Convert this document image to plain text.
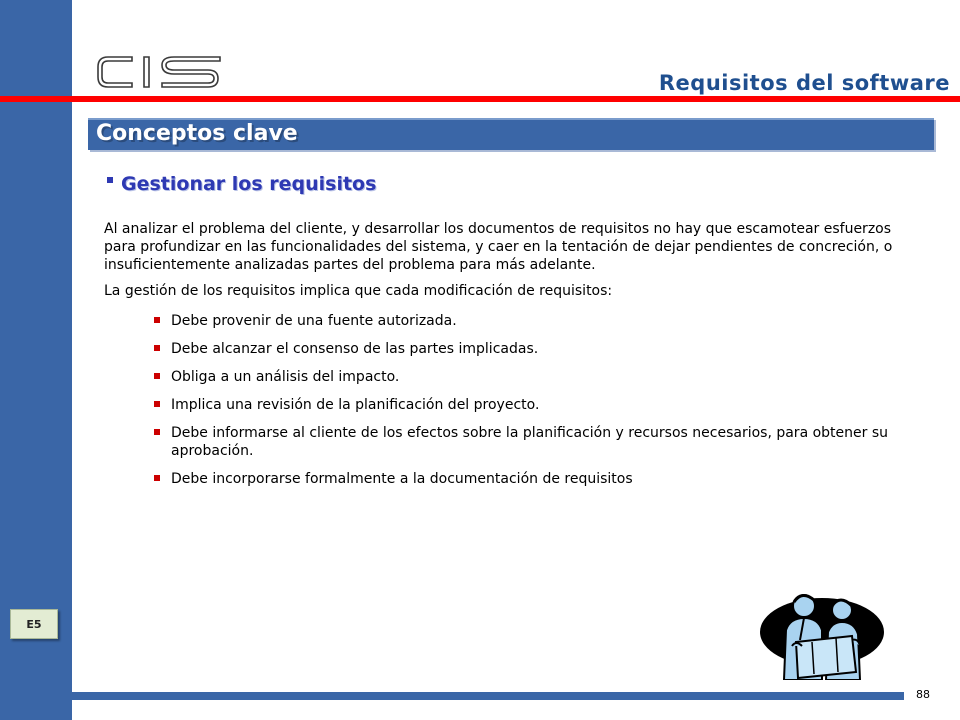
E5
Requisitos del software
Conceptos clave
Gestionar los requisitos

Al analizar el problema del cliente, y desarrollar los documentos de requisitos no hay que escamotear esfuerzos para profundizar en las funcionalidades del sistema, y caer en la tentación de dejar pendientes de concreción, o insuficientemente analizadas partes del problema para más adelante.

La gestión de los requisitos implica que cada modificación de requisitos:

Debe provenir de una fuente autorizada.
Debe alcanzar el consenso de las partes implicadas.
Obliga a un análisis del impacto.
Implica una revisión de la planificación del proyecto.
Debe informarse al cliente de los efectos sobre la planificación y recursos necesarios, para obtener su aprobación.
Debe incorporarse formalmente a la documentación de requisitos
88
